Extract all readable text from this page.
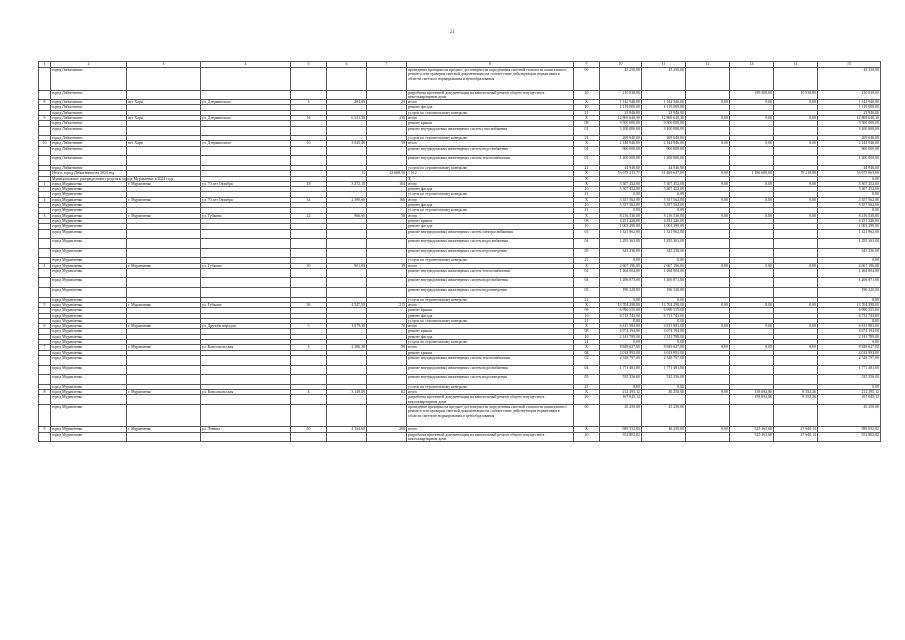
21
1	2	3	4	5	6	7	8	9	10	11	12	13	14	15
	город Лабытнанги						проведение проверки на предмет достоверности определения сметной стоимости капитального ремонта или проверки сметной документации на соответствие действующим нормативам в области сметного нормирования и ценообразования	06	45 250,00	45 250,00				45 250,00
	город Лабытнанги						разработка проектной документации на капитальный ремонт общего имущества в многоквартирном доме	20	210 030,00			189 500,00	10 530,00	210 030,00
8	город Лабытнанги	пгт Харп	ул. Дзержинского	3	284,00	20	итого	X	1 142 946,00	1 142 946,00	0,00	0,00	0,00	1 142 946,00
	город Лабытнанги						ремонт фасада	10	1 119 000,00	1 119 000,00				1 119 000,00
	город Лабытнанги						услуги по строительному контролю	21	23 946,00	23 946,00				23 946,00
9	город Лабытнанги	пгт Харп	ул. Дзержинского	16	6 521,30	250	итого	X	12 869 640,30	12 869 640,30	0,00	0,00	0,00	12 869 640,30
	город Лабытнанги						ремонт крыши	08	9 500 000,00	9 500 000,00				9 500 000,00
	город Лабытнанги						ремонт внутридомовых инженерных систем газоснабжения	01	3 100 000,00	3 100 000,00				3 100 000,00
	город Лабытнанги						услуги по строительному контролю	21	269 640,00	269 640,00				269 640,00
10	город Лабытнанги	пгт Харп	ул. Дзержинского	10	3 045,40	59	итого	X	2 144 946,00	2 144 946,00	0,00	0,00	0,00	2 144 946,00
	город Лабытнанги						ремонт внутридомовых инженерных систем водоснабжения	04	900 000,00	900 000,00				900 000,00
	город Лабытнанги						ремонт внутридомовых инженерных систем теплоснабжения	02	1 200 000,00	1 200 000,00				1 200 000,00
	город Лабытнанги						услуги по строительному контролю	21	44 946,00	44 946,00				44 946,00
	Итого: город Лабытнанги на 2024 год				11	23 668,50	1 612	X	53 675 215,77	51 469 647,00	0,00	1 186 600,00	79 210,00	53 675 065,00
	Муниципальное распределение средств в городе Муравленко в 2024 году						X	X						0,00
1	город Муравленко	г. Муравленко	ул. 70 лет Октября	18	3 272,10	104	итого	X	5 307 452,00	5 307 452,00	0,00	0,00	0,00	5 307 452,00
	город Муравленко						ремонт фасада	10	5 307 452,00	5 307 452,00				5 307 452,00
	город Муравленко						услуги по строительному контролю	21	0,00	0,00				0,00
2	город Муравленко	г. Муравленко	ул. 70 лет Октября	34	2 390,60	166	итого	X	5 357 562,00	5 357 562,00	0,00	0,00	0,00	5 357 562,00
	город Муравленко						ремонт фасада	10	5 357 562,00	5 357 562,00				5 357 562,00
	город Муравленко						услуги по строительному контролю	21	0,00	0,00				0,00
3	город Муравленко	г. Муравленко	ул. Губкина	22	966,60	58	итого	X	8 216 530,00	8 216 530,00	0,00	0,00	0,00	8 216 530,00
	город Муравленко						ремонт крыши	08	4 251 226,00	4 251 226,00				4 251 226,00
	город Муравленко						ремонт фасада	10	1 003 299,00	1 003 299,00				1 003 299,00
	город Муравленко						ремонт внутридомовых инженерных систем электроснабжения	03	1 321 962,00	1 321 962,00				1 321 962,00
	город Муравленко						ремонт внутридомовых инженерных систем водоснабжения	04	1 295 363,00	1 295 363,00				1 295 363,00
	город Муравленко						ремонт внутридомовых инженерных систем водоотведения	05	345 236,00	345 236,00				345 236,00
	город Муравленко						услуги по строительному контролю	21	0,00	0,00				0,00
4	город Муравленко	г. Муравленко	ул. Губкина	30	901,00	19	итого	X	2 667 196,00	2 667 196,00	0,00	0,00	0,00	2 667 196,00
	город Муравленко						ремонт внутридомовых инженерных систем теплоснабжения	02	1 264 004,00	1 264 004,00				1 264 004,00
	город Муравленко						ремонт внутридомовых инженерных систем водоснабжения	04	1 206 871,00	1 206 871,00				1 206 871,00
	город Муравленко						ремонт внутридомовых инженерных систем водоотведения	05	196 320,00	196 320,00				196 320,00
	город Муравленко						услуги по строительному контролю	21	0,00	0,00				0,00
5	город Муравленко	г. Муравленко	ул. Губкина	36	4 547,50	215	итого	X	13 704 298,00	13 704 298,00	0,00	0,00	0,00	13 704 298,00
	город Муравленко						ремонт крыши	08	6 990 555,00	6 990 555,00				6 990 555,00
	город Муравленко						ремонт фасада	10	6 713 743,00	6 713 743,00				6 713 743,00
	город Муравленко						услуги по строительному контролю	21	0,00	0,00				0,00
6	город Муравленко	г. Муравленко	ул. Дружбы народов	5	3 979,10	70	итого	X	6 815 983,00	6 815 983,00	0,00	0,00	0,00	6 815 983,00
	город Муравленко						ремонт крыши	08	4 674 194,00	4 674 194,00				4 674 194,00
	город Муравленко						ремонт фасада	10	2 141 789,00	2 141 789,00				2 141 789,00
	город Муравленко						услуги по строительному контролю	21	0,00	0,00				0,00
7	город Муравленко	г. Муравленко	ул. Комсомольская	3	2 306,30	56	итого	X	8 849 627,00	8 849 627,00	0,00	0,00	0,00	8 849 627,00
	город Муравленко						ремонт крыши	08	4 013 993,00	4 013 993,00				4 013 993,00
	город Муравленко						ремонт внутридомовых инженерных систем теплоснабжения	02	2 528 797,00	2 528 797,00				2 528 797,00
	город Муравленко						ремонт внутридомовых инженерных систем водоснабжения	04	1 771 481,00	1 771 481,00				1 771 481,00
	город Муравленко						ремонт внутридомовых инженерных систем водоотведения	05	535 356,00	535 356,00				535 356,00
	город Муравленко						услуги по строительному контролю	21	0,00	0,00				0,00
8	город Муравленко	г. Муравленко	ул. Комсомольская	4	3 149,80	62	итого	X	212 295,12	46 250,00	0,00	158 692,86	8 352,26	212 295,12
	город Муравленко						разработка проектной документации на капитальный ремонт общего имущества в многоквартирном доме	20	167 045,12			158 692,86	8 352,26	167 045,12
	город Муравленко						проведение проверки на предмет достоверности определения сметной стоимости капитального ремонта или проверки сметной документации на соответствие действующим нормативам в области сметного нормирования и ценообразования	06	45 250,00	45 250,00				45 250,00
9	город Муравленко	г. Муравленко	ул. Ленина	50	4 164,60	208	итого	X	589 552,82	46 250,00	0,00	525 162,68	27 640,14	589 052,82
	город Муравленко						разработка проектной документации на капитальный ремонт общего имущества в многоквартирном доме	20	552 802,82			525 162,68	27 640,14	552 802,82
